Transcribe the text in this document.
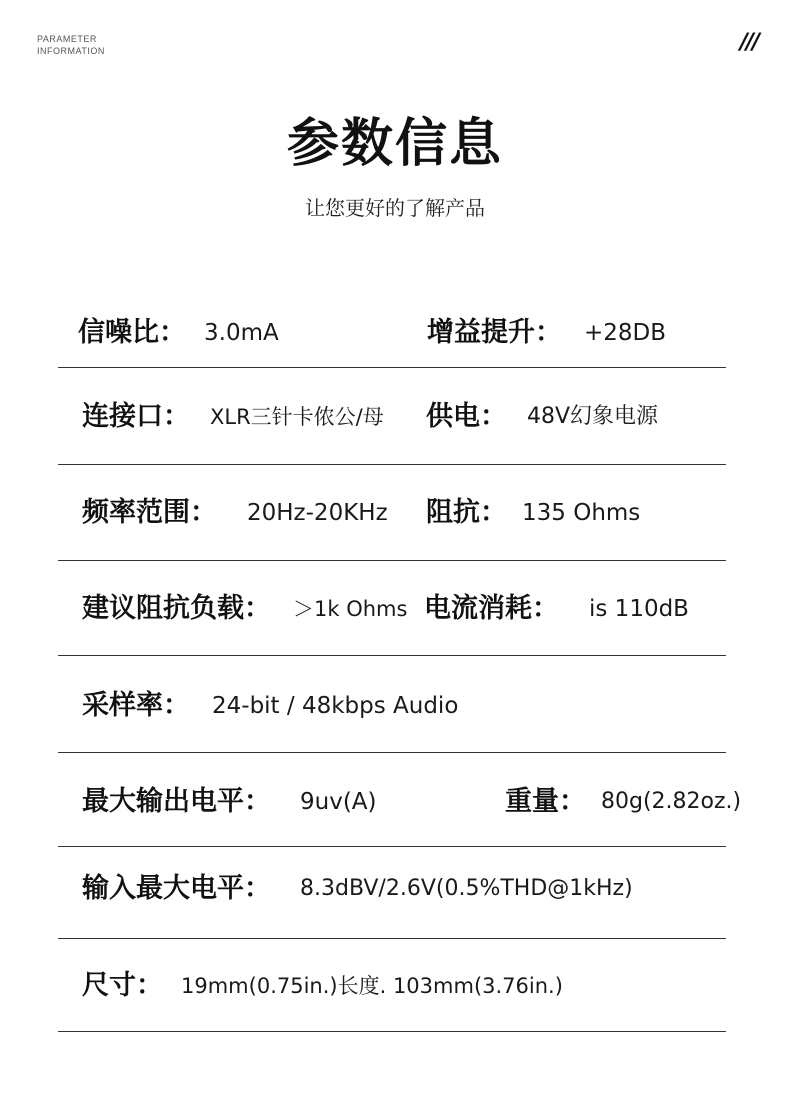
PARAMETER
INFORMATION	///
参数信息
让您更好的了解产品
信噪比： 3.0mA	增益提升： +28DB
连接口： XLR三针卡侬公/母 供电： 48V幻象电源
频率范围： 20Hz-20KHz 阻抗： 135 Ohms
建议阻抗负载： ＞1k Ohms 电流消耗： is 110dB
采样率： 24-bit / 48kbps Audio
最大输出电平： 9uv(A)	重量： 80g(2.82oz.)
输入最大电平： 8.3dBV/2.6V(0.5%THD@1kHz)
尺寸： 19mm(0.75in.)长度. 103mm(3.76in.)
